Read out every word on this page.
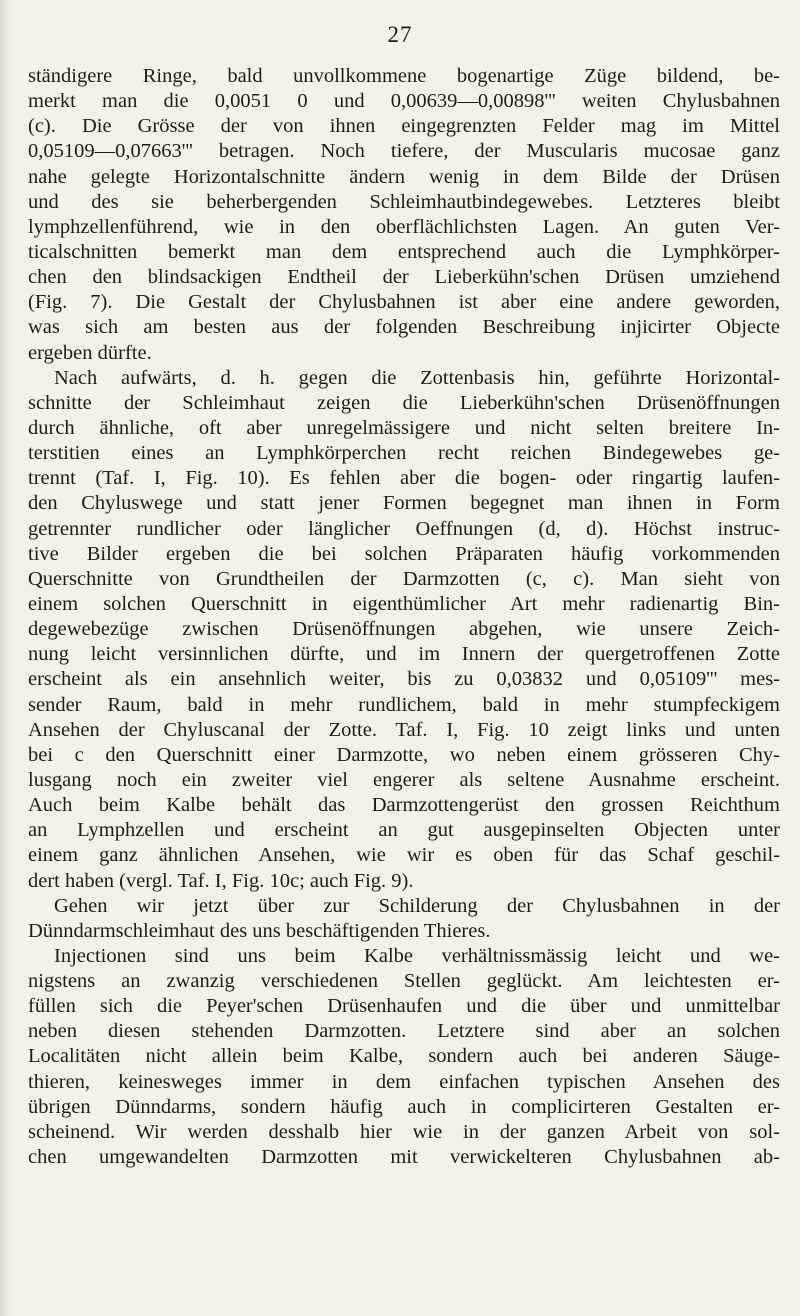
27
ständigere Ringe, bald unvollkommene bogenartige Züge bildend, be-
merkt man die 0,0051 0 und 0,00639—0,00898''' weiten Chylusbahnen
(c). Die Grösse der von ihnen eingegrenzten Felder mag im Mittel
0,05109—0,07663''' betragen. Noch tiefere, der Muscularis mucosae ganz
nahe gelegte Horizontalschnitte ändern wenig in dem Bilde der Drüsen
und des sie beherbergenden Schleimhautbindegewebes. Letzteres bleibt
lymphzellenführend, wie in den oberflächlichsten Lagen. An guten Ver-
ticalschnitten bemerkt man dem entsprechend auch die Lymphkörper-
chen den blindsackigen Endtheil der Lieberkühn'schen Drüsen umziehend
(Fig. 7). Die Gestalt der Chylusbahnen ist aber eine andere geworden,
was sich am besten aus der folgenden Beschreibung injicirter Objecte
ergeben dürfte.
Nach aufwärts, d. h. gegen die Zottenbasis hin, geführte Horizontal-
schnitte der Schleimhaut zeigen die Lieberkühn'schen Drüsenöffnungen
durch ähnliche, oft aber unregelmässigere und nicht selten breitere In-
terstitien eines an Lymphkörperchen recht reichen Bindegewebes ge-
trennt (Taf. I, Fig. 10). Es fehlen aber die bogen- oder ringartig laufen-
den Chyluswege und statt jener Formen begegnet man ihnen in Form
getrennter rundlicher oder länglicher Oeffnungen (d, d). Höchst instruc-
tive Bilder ergeben die bei solchen Präparaten häufig vorkommenden
Querschnitte von Grundtheilen der Darmzotten (c, c). Man sieht von
einem solchen Querschnitt in eigenthümlicher Art mehr radienartig Bin-
degewebezüge zwischen Drüsenöffnungen abgehen, wie unsere Zeich-
nung leicht versinnlichen dürfte, und im Innern der quergetroffenen Zotte
erscheint als ein ansehnlich weiter, bis zu 0,03832 und 0,05109''' mes-
sender Raum, bald in mehr rundlichem, bald in mehr stumpfeckigem
Ansehen der Chyluscanal der Zotte. Taf. I, Fig. 10 zeigt links und unten
bei c den Querschnitt einer Darmzotte, wo neben einem grösseren Chy-
lusgang noch ein zweiter viel engerer als seltene Ausnahme erscheint.
Auch beim Kalbe behält das Darmzottengerüst den grossen Reichthum
an Lymphzellen und erscheint an gut ausgepinselten Objecten unter
einem ganz ähnlichen Ansehen, wie wir es oben für das Schaf geschil-
dert haben (vergl. Taf. I, Fig. 10c; auch Fig. 9).
Gehen wir jetzt über zur Schilderung der Chylusbahnen in der
Dünndarmschleimhaut des uns beschäftigenden Thieres.
Injectionen sind uns beim Kalbe verhältnissmässig leicht und we-
nigstens an zwanzig verschiedenen Stellen geglückt. Am leichtesten er-
füllen sich die Peyer'schen Drüsenhaufen und die über und unmittelbar
neben diesen stehenden Darmzotten. Letztere sind aber an solchen
Localitäten nicht allein beim Kalbe, sondern auch bei anderen Säuge-
thieren, keinesweges immer in dem einfachen typischen Ansehen des
übrigen Dünndarms, sondern häufig auch in complicirteren Gestalten er-
scheinend. Wir werden desshalb hier wie in der ganzen Arbeit von sol-
chen umgewandelten Darmzotten mit verwickelteren Chylusbahnen ab-
